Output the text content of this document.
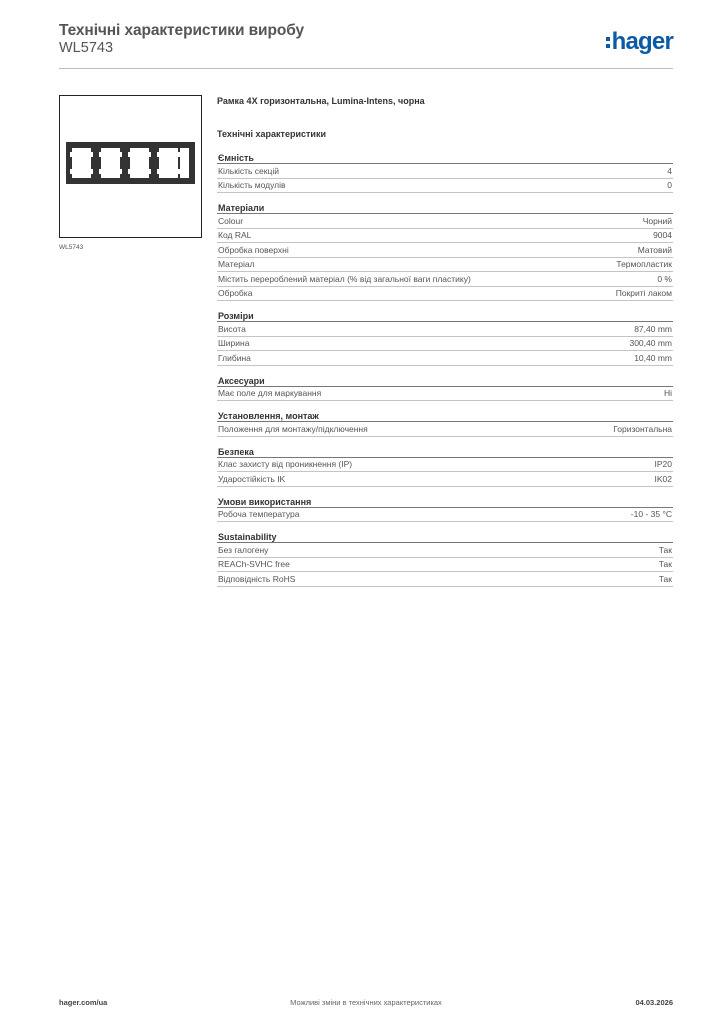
Технічні характеристики виробу
WL5743	hager
WL5743
Рамка 4X горизонтальна, Lumina-Intens, чорна
Технічні характеристики
Ємність
Кількість секцій	4
Кількість модулів	0
Матеріали
Colour	Чорний
Код RAL	9004
Обробка поверхні	Матовий
Матеріал	Термопластик
Містить перероблений матеріал (% від загальної ваги пластику)	0 %
Обробка	Покриті лаком
Розміри
Висота	87,40 mm
Ширина	300,40 mm
Глибина	10,40 mm
Аксесуари
Має поле для маркування	Ні
Установлення, монтаж
Положення для монтажу/підключення	Горизонтальна
Безпека
Клас захисту від проникнення (IP)	IP20
Ударостійкість IK	IK02
Умови використання
Робоча температура	-10 - 35 °C
Sustainability
Без галогену	Так
REACh-SVHC free	Так
Відповідність RoHS	Так
hager.com/ua	Можливі зміни в технічних характеристиках	04.03.2026
